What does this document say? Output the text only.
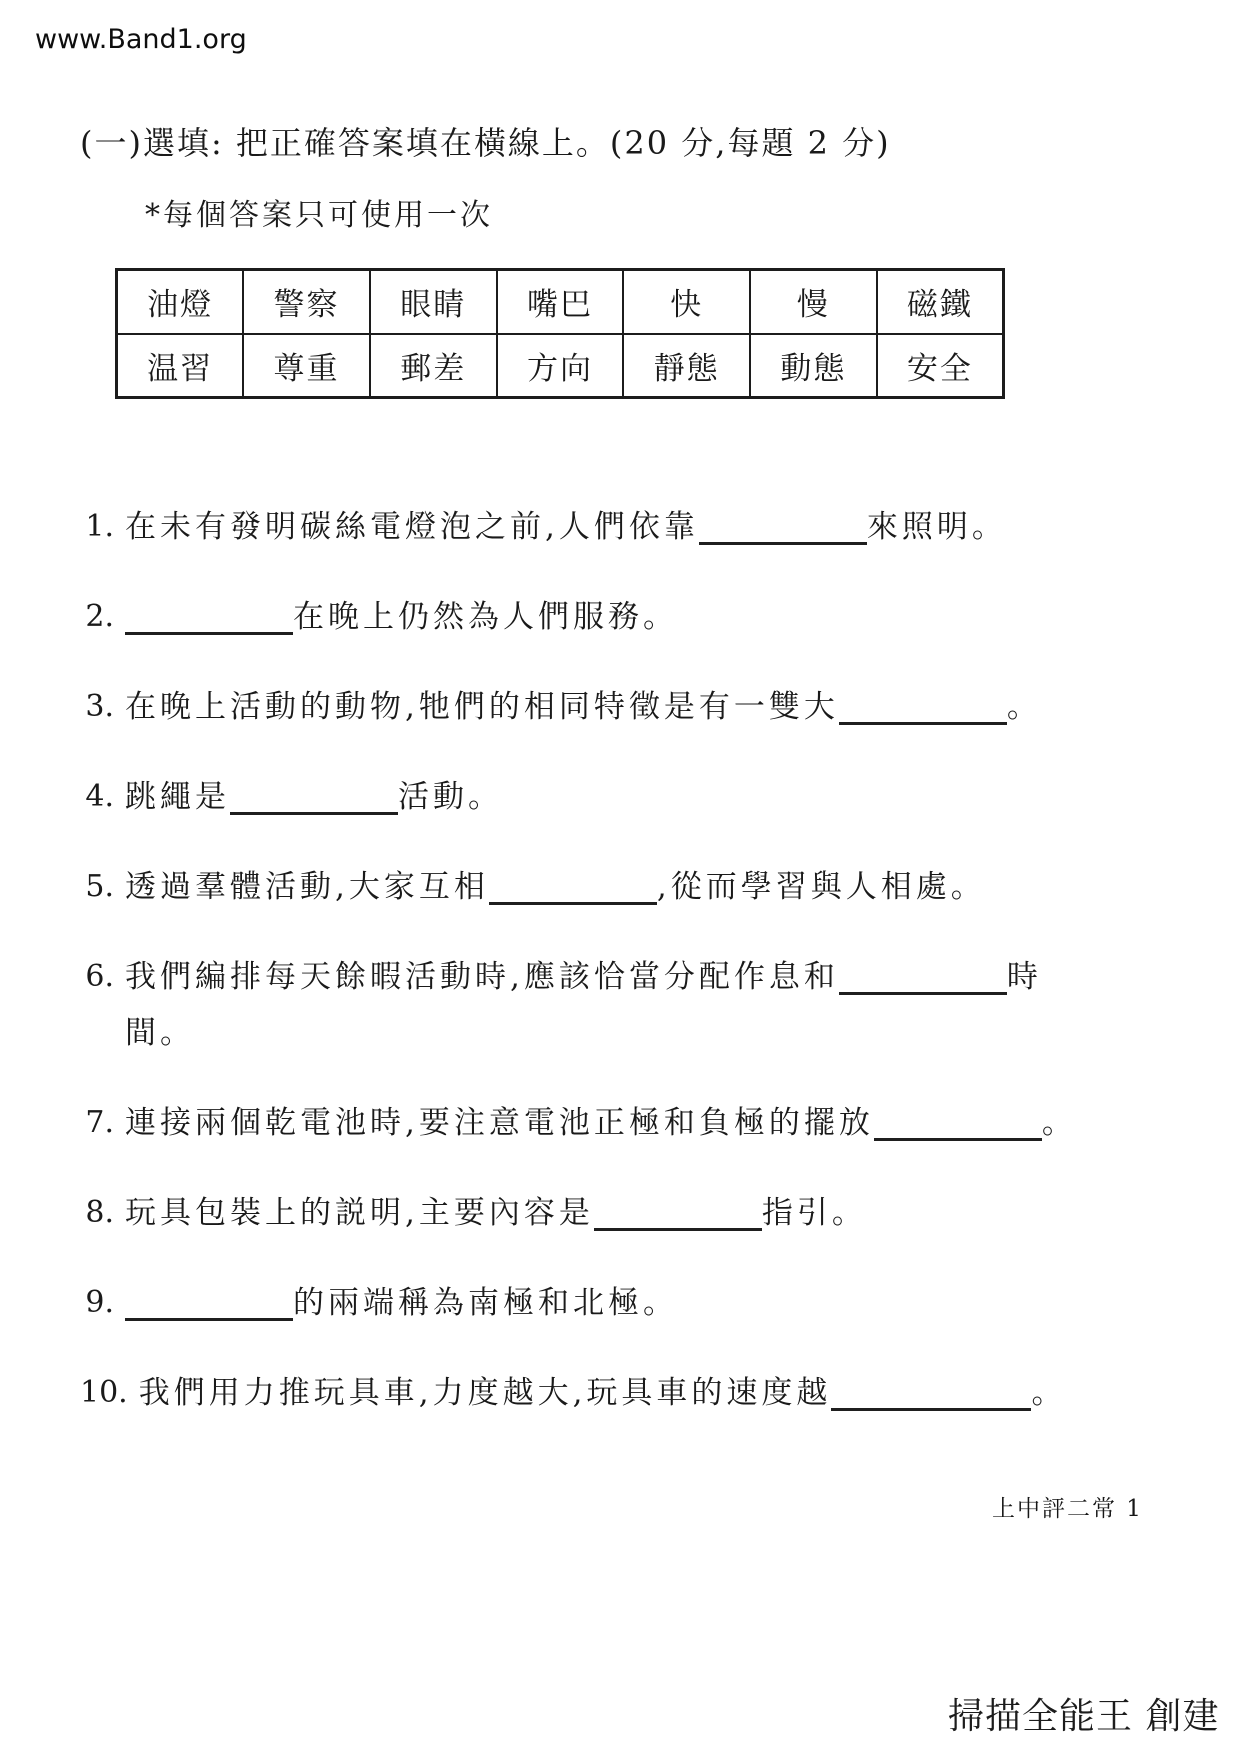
www.Band1.org
(一)選填: 把正確答案填在橫線上。(20 分,每題 2 分)
*每個答案只可使用一次
油燈	警察	眼睛	嘴巴	快	慢	磁鐵
温習	尊重	郵差	方向	靜態	動態	安全
1. 在未有發明碳絲電燈泡之前,人們依靠	來照明。
2.	在晚上仍然為人們服務。
3. 在晚上活動的動物,牠們的相同特徵是有一雙大	。
4. 跳繩是	活動。
5. 透過羣體活動,大家互相	,從而學習與人相處。
6. 我們編排每天餘暇活動時,應該恰當分配作息和	時
間。
7. 連接兩個乾電池時,要注意電池正極和負極的擺放	。
8. 玩具包裝上的説明,主要內容是	指引。
9.	的兩端稱為南極和北極。
10. 我們用力推玩具車,力度越大,玩具車的速度越	。
上中評二常 1
掃描全能王 創建
